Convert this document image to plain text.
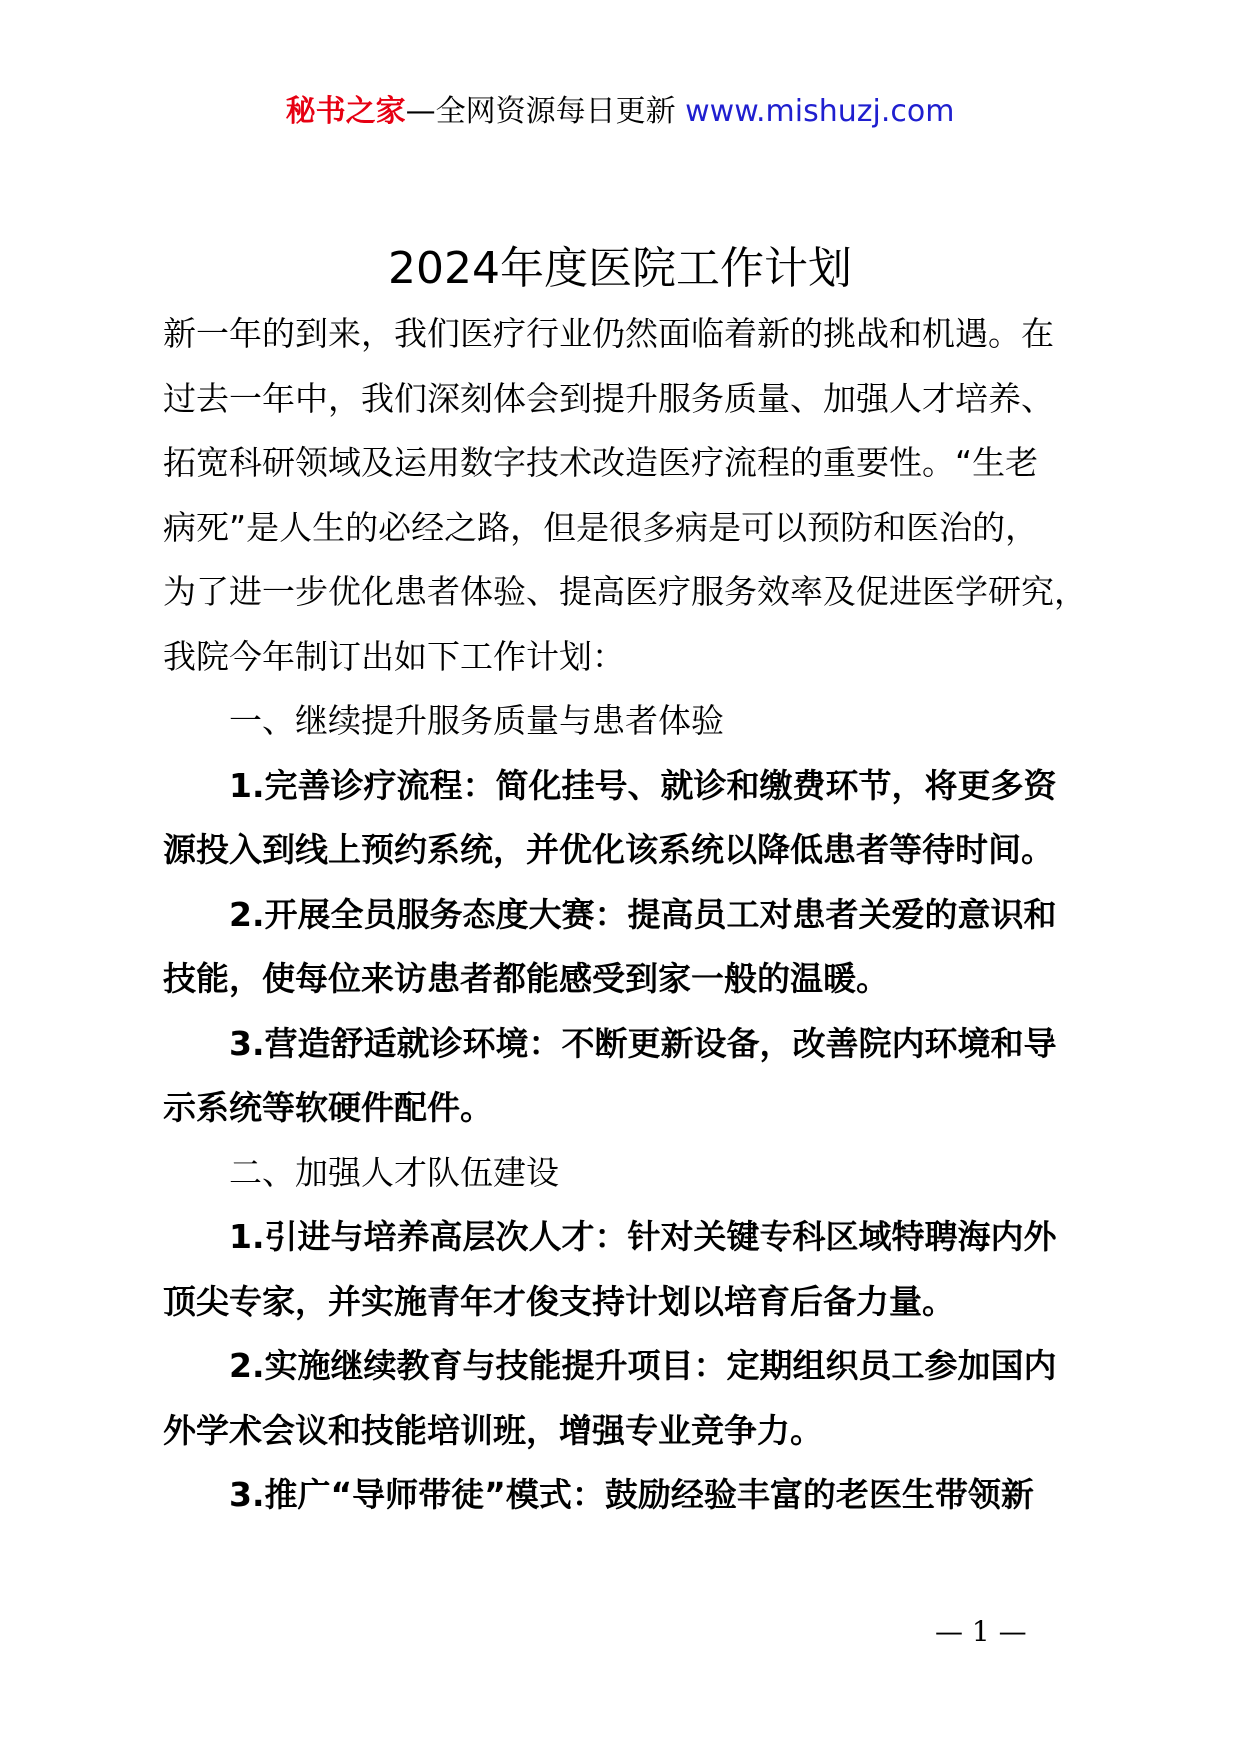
秘书之家—全网资源每日更新 www.mishuzj.com
2024年度医院工作计划
新一年的到来，我们医疗行业仍然面临着新的挑战和机遇。在
过去一年中，我们深刻体会到提升服务质量、加强人才培养、
拓宽科研领域及运用数字技术改造医疗流程的重要性。“生老
病死”是人生的必经之路，但是很多病是可以预防和医治的，
为了进一步优化患者体验、提高医疗服务效率及促进医学研究，
我院今年制订出如下工作计划：
一、继续提升服务质量与患者体验
1.完善诊疗流程：简化挂号、就诊和缴费环节，将更多资
源投入到线上预约系统，并优化该系统以降低患者等待时间。
2.开展全员服务态度大赛：提高员工对患者关爱的意识和
技能，使每位来访患者都能感受到家一般的温暖。
3.营造舒适就诊环境：不断更新设备，改善院内环境和导
示系统等软硬件配件。
二、加强人才队伍建设
1.引进与培养高层次人才：针对关键专科区域特聘海内外
顶尖专家，并实施青年才俊支持计划以培育后备力量。
2.实施继续教育与技能提升项目：定期组织员工参加国内
外学术会议和技能培训班，增强专业竞争力。
3.推广“导师带徒”模式：鼓励经验丰富的老医生带领新
— 1 —
